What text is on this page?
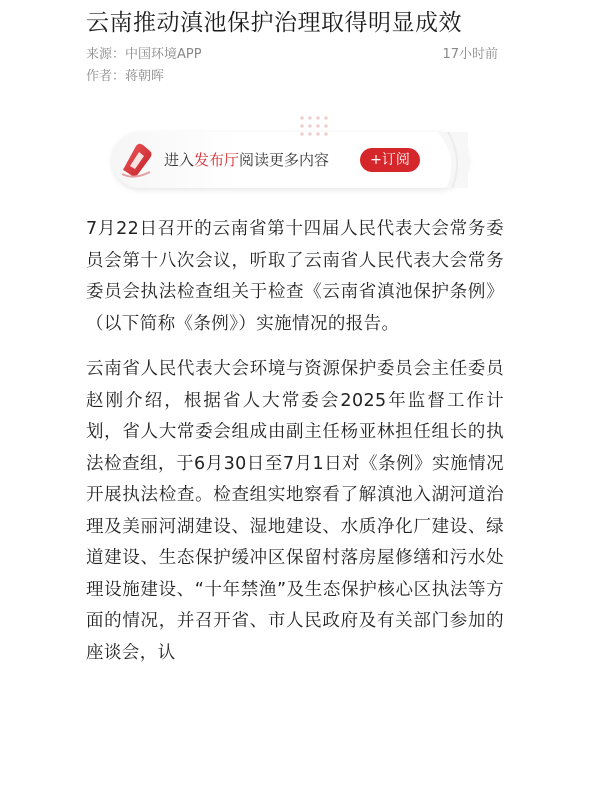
云南推动滇池保护治理取得明显成效
来源：中国环境APP	17小时前
作者：蒋朝晖
进入发布厅阅读更多内容	+订阅

7月22日召开的云南省第十四届人民代表大会常务委员会第十八次会议，听取了云南省人民代表大会常务委员会执法检查组关于检查《云南省滇池保护条例》（以下简称《条例》）实施情况的报告。

云南省人民代表大会环境与资源保护委员会主任委员赵刚介绍，根据省人大常委会2025年监督工作计划，省人大常委会组成由副主任杨亚林担任组长的执法检查组，于6月30日至7月1日对《条例》实施情况开展执法检查。检查组实地察看了解滇池入湖河道治理及美丽河湖建设、湿地建设、水质净化厂建设、绿道建设、生态保护缓冲区保留村落房屋修缮和污水处理设施建设、“十年禁渔”及生态保护核心区执法等方面的情况，并召开省、市人民政府及有关部门参加的座谈会，认
